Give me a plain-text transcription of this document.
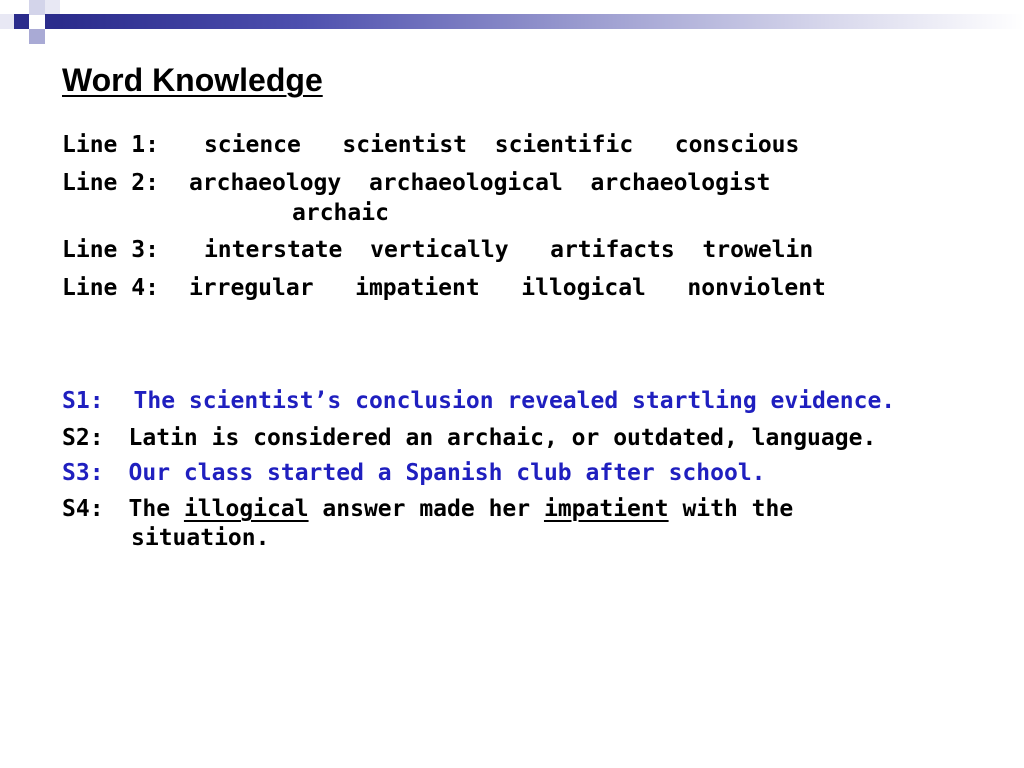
Word Knowledge
Line 1: science   scientist  scientific   conscious
Line 2: archaeology  archaeological  archaeologist
archaic
Line 3: interstate  vertically   artifacts  trowelin
Line 4: irregular   impatient   illogical   nonviolent
S1: The scientist’s conclusion revealed startling evidence.
S2: Latin is considered an archaic, or outdated, language.
S3: Our class started a Spanish club after school.
S4: The illogical answer made her impatient with the
situation.
